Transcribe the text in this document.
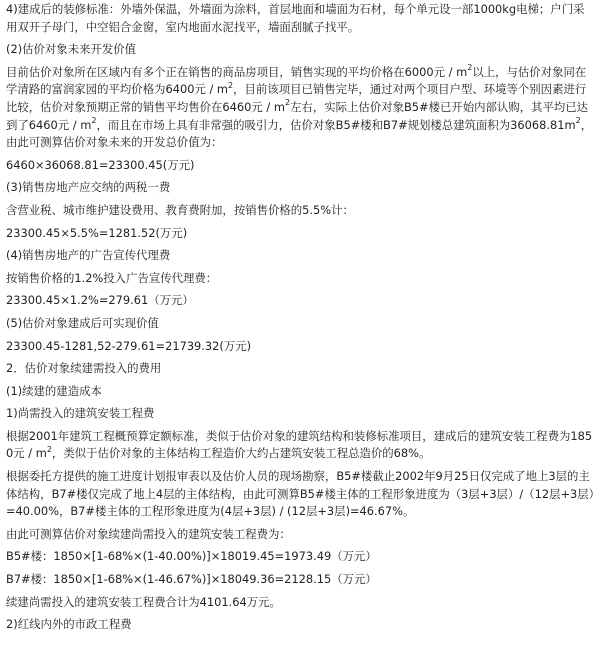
4)建成后的装修标准：外墙外保温，外墙面为涂料，首层地面和墙面为石材，每个单元设一部1000kg电梯；户门采用双开子母门，中空铝合金窗，室内地面水泥找平，墙面刮腻子找平。

(2)估价对象未来开发价值

目前估价对象所在区域内有多个正在销售的商品房项目，销售实现的平均价格在6000元 / $m^2$以上，与估价对象同在学清路的富润家园的平均价格为6400元 / $m^2$，目前该项目已销售完毕，通过对两个项目户型、环境等个别因素进行比较，估价对象预期正常的销售平均售价在6460元 / $m^2$左右，实际上估价对象B5#楼已开始内部认购，其平均已达到了6460元 / $m^2$，而且在市场上具有非常强的吸引力，估价对象B5#楼和B7#规划楼总建筑面积为$36068.81m^2$，由此可测算估价对象未来的开发总价值为：

6460×36068.81=23300.45(万元)

(3)销售房地产应交纳的两税一费

含营业税、城市维护建设费用、教育费附加，按销售价格的5.5%计：

23300.45×5.5%=1281.52(万元)

(4)销售房地产的广告宣传代理费

按销售价格的1.2%投入广告宣传代理费：

23300.45×1.2%=279.61（万元）

(5)估价对象建成后可实现价值

23300.45-1281,52-279.61=21739.32(万元)

2．估价对象续建需投入的费用

(1)续建的建造成本

1)尚需投入的建筑安装工程费

根据2001年建筑工程概预算定额标准，类似于估价对象的建筑结构和装修标准项目，建成后的建筑安装工程费为1850元 / $m^2$，类似于估价对象的主体结构工程造价大约占建筑安装工程总造价的68%。

根据委托方提供的施工进度计划报审表以及估价人员的现场勘察，B5#楼截止2002年9月25日仅完成了地上3层的主体结构，B7#楼仅完成了地上4层的主体结构，由此可测算B5#楼主体的工程形象进度为（3层+3层）/（12层+3层）=40.00%，B7#楼主体的工程形象进度为(4层+3层) / (12层+3层)=46.67%。

由此可测算估价对象续建尚需投入的建筑安装工程费为：

B5#楼：1850×[1-68%×(1-40.00%)]×18019.45=1973.49（万元）

B7#楼：1850×[1-68%×(1-46.67%)]×18049.36=2128.15（万元）

续建尚需投入的建筑安装工程费合计为4101.64万元。

2)红线内外的市政工程费
